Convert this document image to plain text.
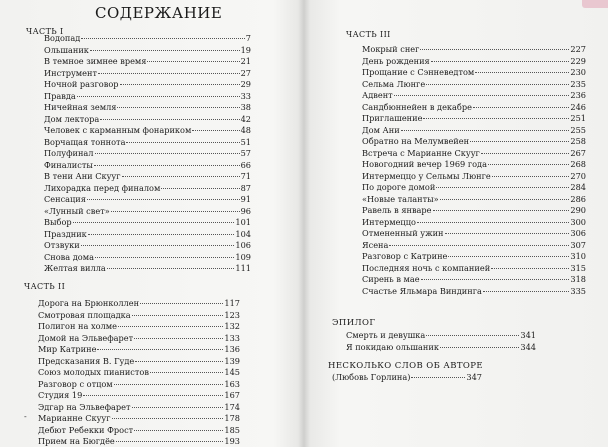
СОДЕРЖАНИЕ
ЧАСТЬ I
Водопад	7
Ольшаник	19
В темное зимнее время	21
Инструмент	27
Ночной разговор	29
Правда	33
Ничейная земля	38
Дом лектора	42
Человек с карманным фонариком	48
Ворчащая тоннота	51
Полуфинал	57
Финалисты	66
В тени Ани Скууг	71
Лихорадка перед финалом	87
Сенсация	91
«Лунный свет»	96
Выбор	101
Праздник	104
Отзвуки	106
Снова дома	109
Желтая вилла	111
ЧАСТЬ II
Дорога на Брюнколлен	117
Смотровая площадка	123
Полигон на холме	132
Домой на Эльвефарет	133
Мир Катрине	136
Предсказания В. Гуде	139
Союз молодых пианистов	145
Разговор с отцом	163
Студия 19	167
Эдгар на Эльвефарет	174
Марианне Скууг	178
Дебют Ребекки Фрост	185
Прием на Бюгдёе	193
-
ЧАСТЬ III
Мокрый снег	227
День рождения	229
Прощание с Сэнневедтом	230
Сельма Люнге	235
Адвент	236
Сандбюннейен в декабре	246
Приглашение	251
Дом Ани	255
Обратно на Мелумвейен	258
Встреча с Марианне Скууг	267
Новогодний вечер 1969 года	268
Интермеццо у Сельмы Люнге	270
По дороге домой	284
«Новые таланты»	286
Равель в январе	290
Интермеццо	300
Отмененный ужин	306
Ясена	307
Разговор с Катрине	310
Последняя ночь с компанией	315
Сирень в мае	318
Счастье Яльмара Виндинга	335
ЭПИЛОГ
Смерть и девушка	341
Я покидаю ольшаник	344
НЕСКОЛЬКО СЛОВ ОБ АВТОРЕ
(Любовь Горлина)	347
